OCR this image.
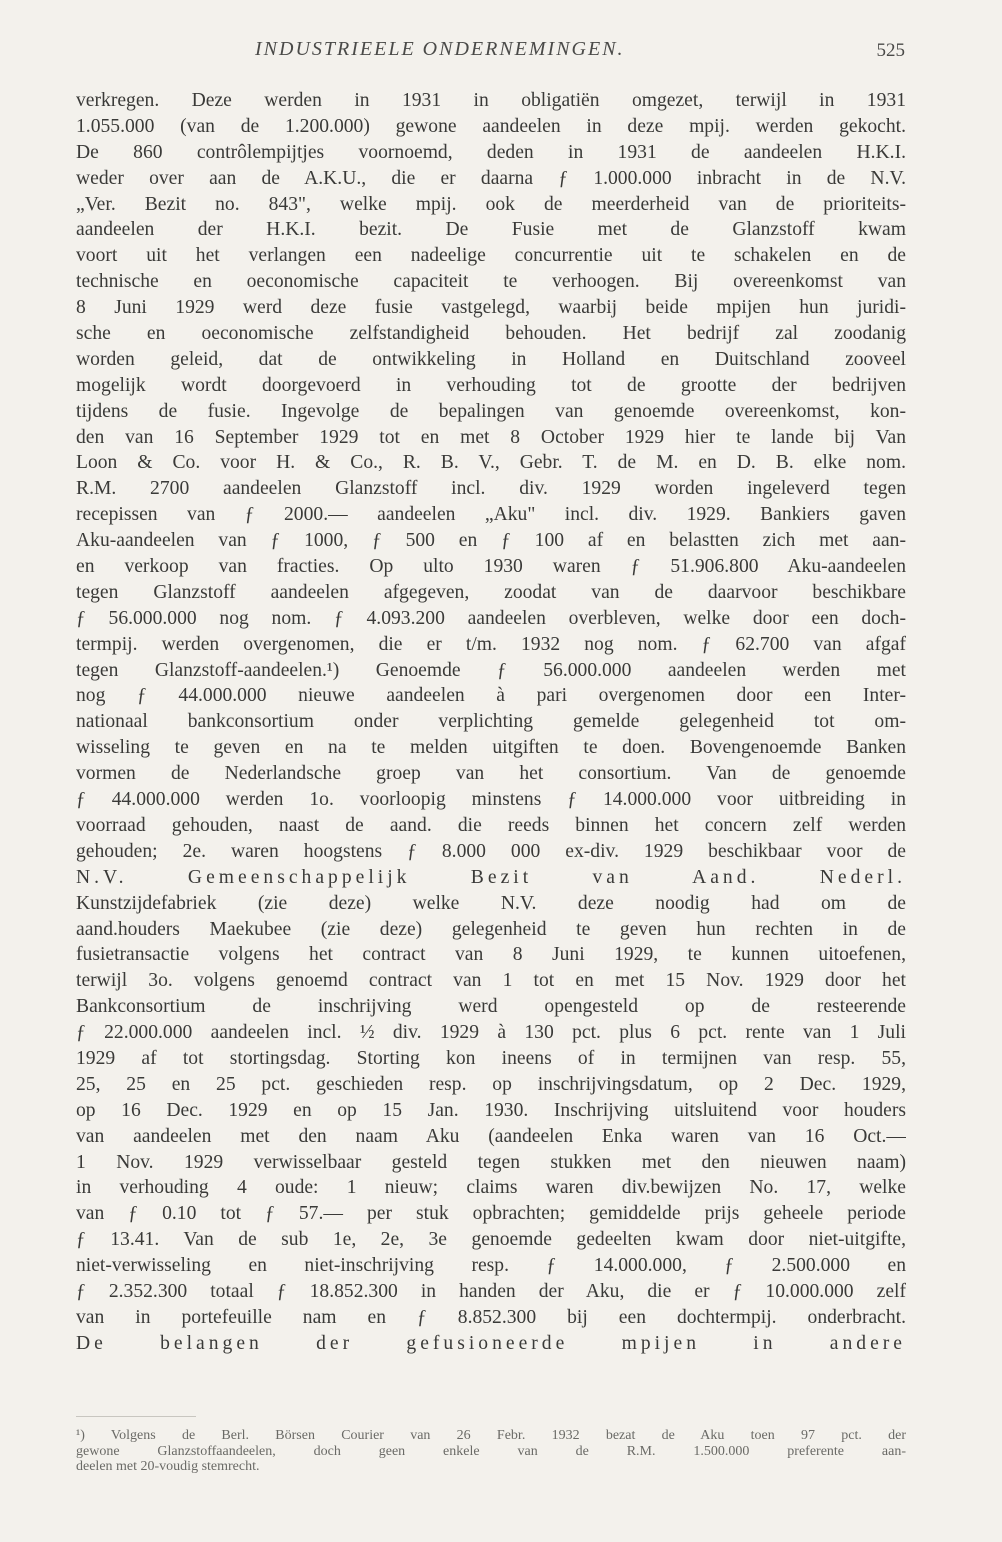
INDUSTRIEELE ONDERNEMINGEN.	525
verkregen. Deze werden in 1931 in obligatiën omgezet, terwijl in 1931
1.055.000 (van de 1.200.000) gewone aandeelen in deze mpij. werden gekocht.
De 860 contrôlempijtjes voornoemd, deden in 1931 de aandeelen H.K.I.
weder over aan de A.K.U., die er daarna ƒ 1.000.000 inbracht in de N.V.
„Ver. Bezit no. 843", welke mpij. ook de meerderheid van de prioriteits-
aandeelen der H.K.I. bezit. De Fusie met de Glanzstoff kwam
voort uit het verlangen een nadeelige concurrentie uit te schakelen en de
technische en oeconomische capaciteit te verhoogen. Bij overeenkomst van
8 Juni 1929 werd deze fusie vastgelegd, waarbij beide mpijen hun juridi-
sche en oeconomische zelfstandigheid behouden. Het bedrijf zal zoodanig
worden geleid, dat de ontwikkeling in Holland en Duitschland zooveel
mogelijk wordt doorgevoerd in verhouding tot de grootte der bedrijven
tijdens de fusie. Ingevolge de bepalingen van genoemde overeenkomst, kon-
den van 16 September 1929 tot en met 8 October 1929 hier te lande bij Van
Loon & Co. voor H. & Co., R. B. V., Gebr. T. de M. en D. B. elke nom.
R.M. 2700 aandeelen Glanzstoff incl. div. 1929 worden ingeleverd tegen
recepissen van ƒ 2000.— aandeelen „Aku" incl. div. 1929. Bankiers gaven
Aku-aandeelen van ƒ 1000, ƒ 500 en ƒ 100 af en belastten zich met aan-
en verkoop van fracties. Op ulto 1930 waren ƒ 51.906.800 Aku-aandeelen
tegen Glanzstoff aandeelen afgegeven, zoodat van de daarvoor beschikbare
ƒ 56.000.000 nog nom. ƒ 4.093.200 aandeelen overbleven, welke door een doch-
termpij. werden overgenomen, die er t/m. 1932 nog nom. ƒ 62.700 van afgaf
tegen Glanzstoff-aandeelen.¹) Genoemde ƒ 56.000.000 aandeelen werden met
nog ƒ 44.000.000 nieuwe aandeelen à pari overgenomen door een Inter-
nationaal bankconsortium onder verplichting gemelde gelegenheid tot om-
wisseling te geven en na te melden uitgiften te doen. Bovengenoemde Banken
vormen de Nederlandsche groep van het consortium. Van de genoemde
ƒ 44.000.000 werden 1o. voorloopig minstens ƒ 14.000.000 voor uitbreiding in
voorraad gehouden, naast de aand. die reeds binnen het concern zelf werden
gehouden; 2e. waren hoogstens ƒ 8.000 000 ex-div. 1929 beschikbaar voor de
N.V. Gemeenschappelijk Bezit van Aand. Nederl.
Kunstzijdefabriek (zie deze) welke N.V. deze noodig had om de
aand.houders Maekubee (zie deze) gelegenheid te geven hun rechten in de
fusietransactie volgens het contract van 8 Juni 1929, te kunnen uitoefenen,
terwijl 3o. volgens genoemd contract van 1 tot en met 15 Nov. 1929 door het
Bankconsortium de inschrijving werd opengesteld op de resteerende
ƒ 22.000.000 aandeelen incl. ½ div. 1929 à 130 pct. plus 6 pct. rente van 1 Juli
1929 af tot stortingsdag. Storting kon ineens of in termijnen van resp. 55,
25, 25 en 25 pct. geschieden resp. op inschrijvingsdatum, op 2 Dec. 1929,
op 16 Dec. 1929 en op 15 Jan. 1930. Inschrijving uitsluitend voor houders
van aandeelen met den naam Aku (aandeelen Enka waren van 16 Oct.—
1 Nov. 1929 verwisselbaar gesteld tegen stukken met den nieuwen naam)
in verhouding 4 oude: 1 nieuw; claims waren div.bewijzen No. 17, welke
van ƒ 0.10 tot ƒ 57.— per stuk opbrachten; gemiddelde prijs geheele periode
ƒ 13.41. Van de sub 1e, 2e, 3e genoemde gedeelten kwam door niet-uitgifte,
niet-verwisseling en niet-inschrijving resp. ƒ 14.000.000, ƒ 2.500.000 en
ƒ 2.352.300 totaal ƒ 18.852.300 in handen der Aku, die er ƒ 10.000.000 zelf
van in portefeuille nam en ƒ 8.852.300 bij een dochtermpij. onderbracht.
De belangen der gefusioneerde mpijen in andere
¹) Volgens de Berl. Börsen Courier van 26 Febr. 1932 bezat de Aku toen 97 pct. der
gewone Glanzstoffaandeelen, doch geen enkele van de R.M. 1.500.000 preferente aan-
deelen met 20-voudig stemrecht.
